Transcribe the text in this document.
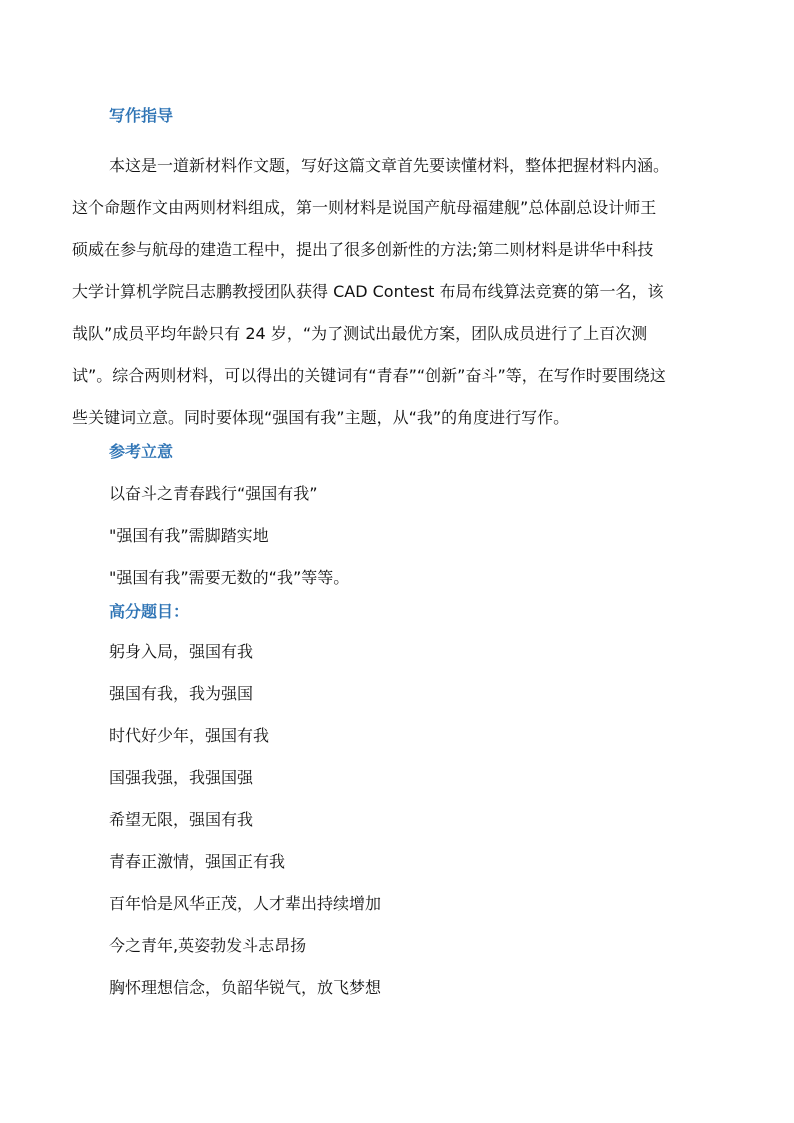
写作指导
本这是一道新材料作文题，写好这篇文章首先要读懂材料，整体把握材料内涵。
这个命题作文由两则材料组成，第一则材料是说国产航母福建舰”总体副总设计师王
硕威在参与航母的建造工程中，提出了很多创新性的方法;第二则材料是讲华中科技
大学计算机学院吕志鹏教授团队获得 CAD Contest 布局布线算法竞赛的第一名，该
哉队”成员平均年龄只有 24 岁，“为了测试出最优方案，团队成员进行了上百次测
试”。综合两则材料，可以得出的关键词有“青春”“创新”奋斗”等，在写作时要围绕这
些关键词立意。同时要体现“强国有我”主题，从“我”的角度进行写作。
参考立意
以奋斗之青春践行“强国有我”
"强国有我”需脚踏实地
"强国有我”需要无数的“我”等等。
高分题目：
躬身入局，强国有我
强国有我，我为强国
时代好少年，强国有我
国强我强，我强国强
希望无限，强国有我
青春正激情，强国正有我
百年恰是风华正茂，人才辈出持续增加
今之青年,英姿勃发斗志昂扬
胸怀理想信念，负韶华锐气，放飞梦想
